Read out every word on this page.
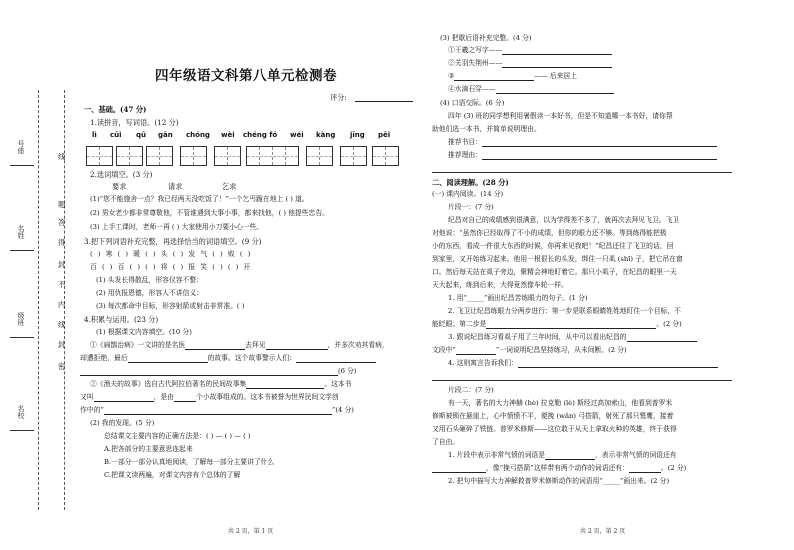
号座
名姓
级班
名校
线
题
答
得
封
不
内
线
封
密
四年级语文科第八单元检测卷
评分:
一、基础。(47 分)
1.读拼音，写词语。(12 分)
lì cūi qū gān chóng wèi chéng fó wéi kàng jīng pēi
2.选词填空。(3 分)
要求	请求	乞求
(1)“您不能施舍一点？我已经两天没吃饭了！”一个乞丐跪在地上 ( ) 道。
(2) 男女老少都非常尊敬他，不管谁遇到大事小事，都来找他，( ) 他提些忠告。
(3) 上手工课时，老师一再 ( ) 大家使用小刀要小心一些。
3.把下列词语补充完整，再选择恰当的词语填空。(9 分)
( ) 寒 ( ) 暖 ( ) 头 ( ) 发 气 ( ) 败 ( )
百 ( ) 百 ( ) ( ) 将 ( ) 报 笑 ( ) ( ) 开
(1) 头发长得散乱，形容仪容不整：
(2) 用仇报恩德，形容人不讲信义：
(3) 每次都命中目标，形容射箭或射击非常准。( )
4.积累与运用。(23 分)
(1) 根据课文内容填空。(10 分)
①《扁鹊治病》一文讲的是名医	去拜见	，并多次劝其看病，
却遭拒绝，最后	的故事。这个故事警示人们：
(6 分)
②《渔夫的故事》选自古代阿拉伯著名的民间故事集	。这本书
又叫	，是由	个小故事组成的。这本书被誉为世界民间文学创
作中的“	”(4 分)
(2) 我的发现。(5 分)
总结课文主要内容的正确方法是：( ) — ( ) — ( )
A.把各部分的主要意思连起来
B.一部分一部分认真地阅读，了解每一部分主要讲了什么
C.把课文读两遍，对课文内容有个总体的了解
共 2 页，第 1 页
(3) 把歇后语补充完整。(4 分)
①王羲之写字——
②关羽失荆州——
③	—— 后来居上
④水滴石穿——
(4) 口语交际。(6 分)
四年 (3) 班的同学想利用暑假读一本好书，但是不知道哪一本书好，请你帮
助他们选一本书，并简单说明理由。
推荐书目：
推荐理由：
二、阅读理解。(28 分)
(一) 课内阅读。(14 分)
片段一：(7 分)
纪昌对自己的成绩感到很满意，以为学得差不多了，就再次去拜见飞卫。飞卫
对他说：“虽然你已经取得了不小的成绩，但你的眼力还不够。等到练得能把极
小的东西，看成一件很大东西的时候，你再来见我吧！”纪昌还住了飞卫的话，回
到家里，又开始练习起来。他用一根很长的头发，绑住一只虱 (shī) 子，把它吊在窗
口。然后每天站在虱子旁边，聚精会神地盯着它。那只小虱子，在纪昌的眼里一天
天大起来，练到后来，大得竟然像车轮一样。
1. 用“_____”画出纪昌苦练眼力的句子。(1 分)
2. 飞卫让纪昌练眼力分两步进行：第一步是联系眼睛姓姓地盯住一个目标，不
能眨眼；第二步是	。(2 分)
3. 跟说纪昌练习看虱子用了三年时间，从中可以看出纪昌的
文段中“	”一词说明纪昌坚持练习，从未间断。(2 分)
4. 这则寓言告诉我们：
片段二：(7 分)
有一天，著名的大力神赫 (hè) 拉克勒 (lè) 斯经过高加索山，他看到普罗米
修斯被锁在悬崖上，心中愤愤不平，便挽 (wǎn) 弓搭箭，射死了那只鹫鹰，接着
又用石头砸碎了铁链。普罗米修斯——这位敢于从天上拿取火种的英雄，终于获得
了自由。
1. 片段中表示非常气愤的词语是	，表示非常气愤的词语还有
，像“挽弓搭箭”这样带有两个动作的词语还有：	。(2 分)
2. 把句中描写大力神解救普罗米修斯动作的词语用“_____”画出来。(2 分)
共 2 页，第 2 页
